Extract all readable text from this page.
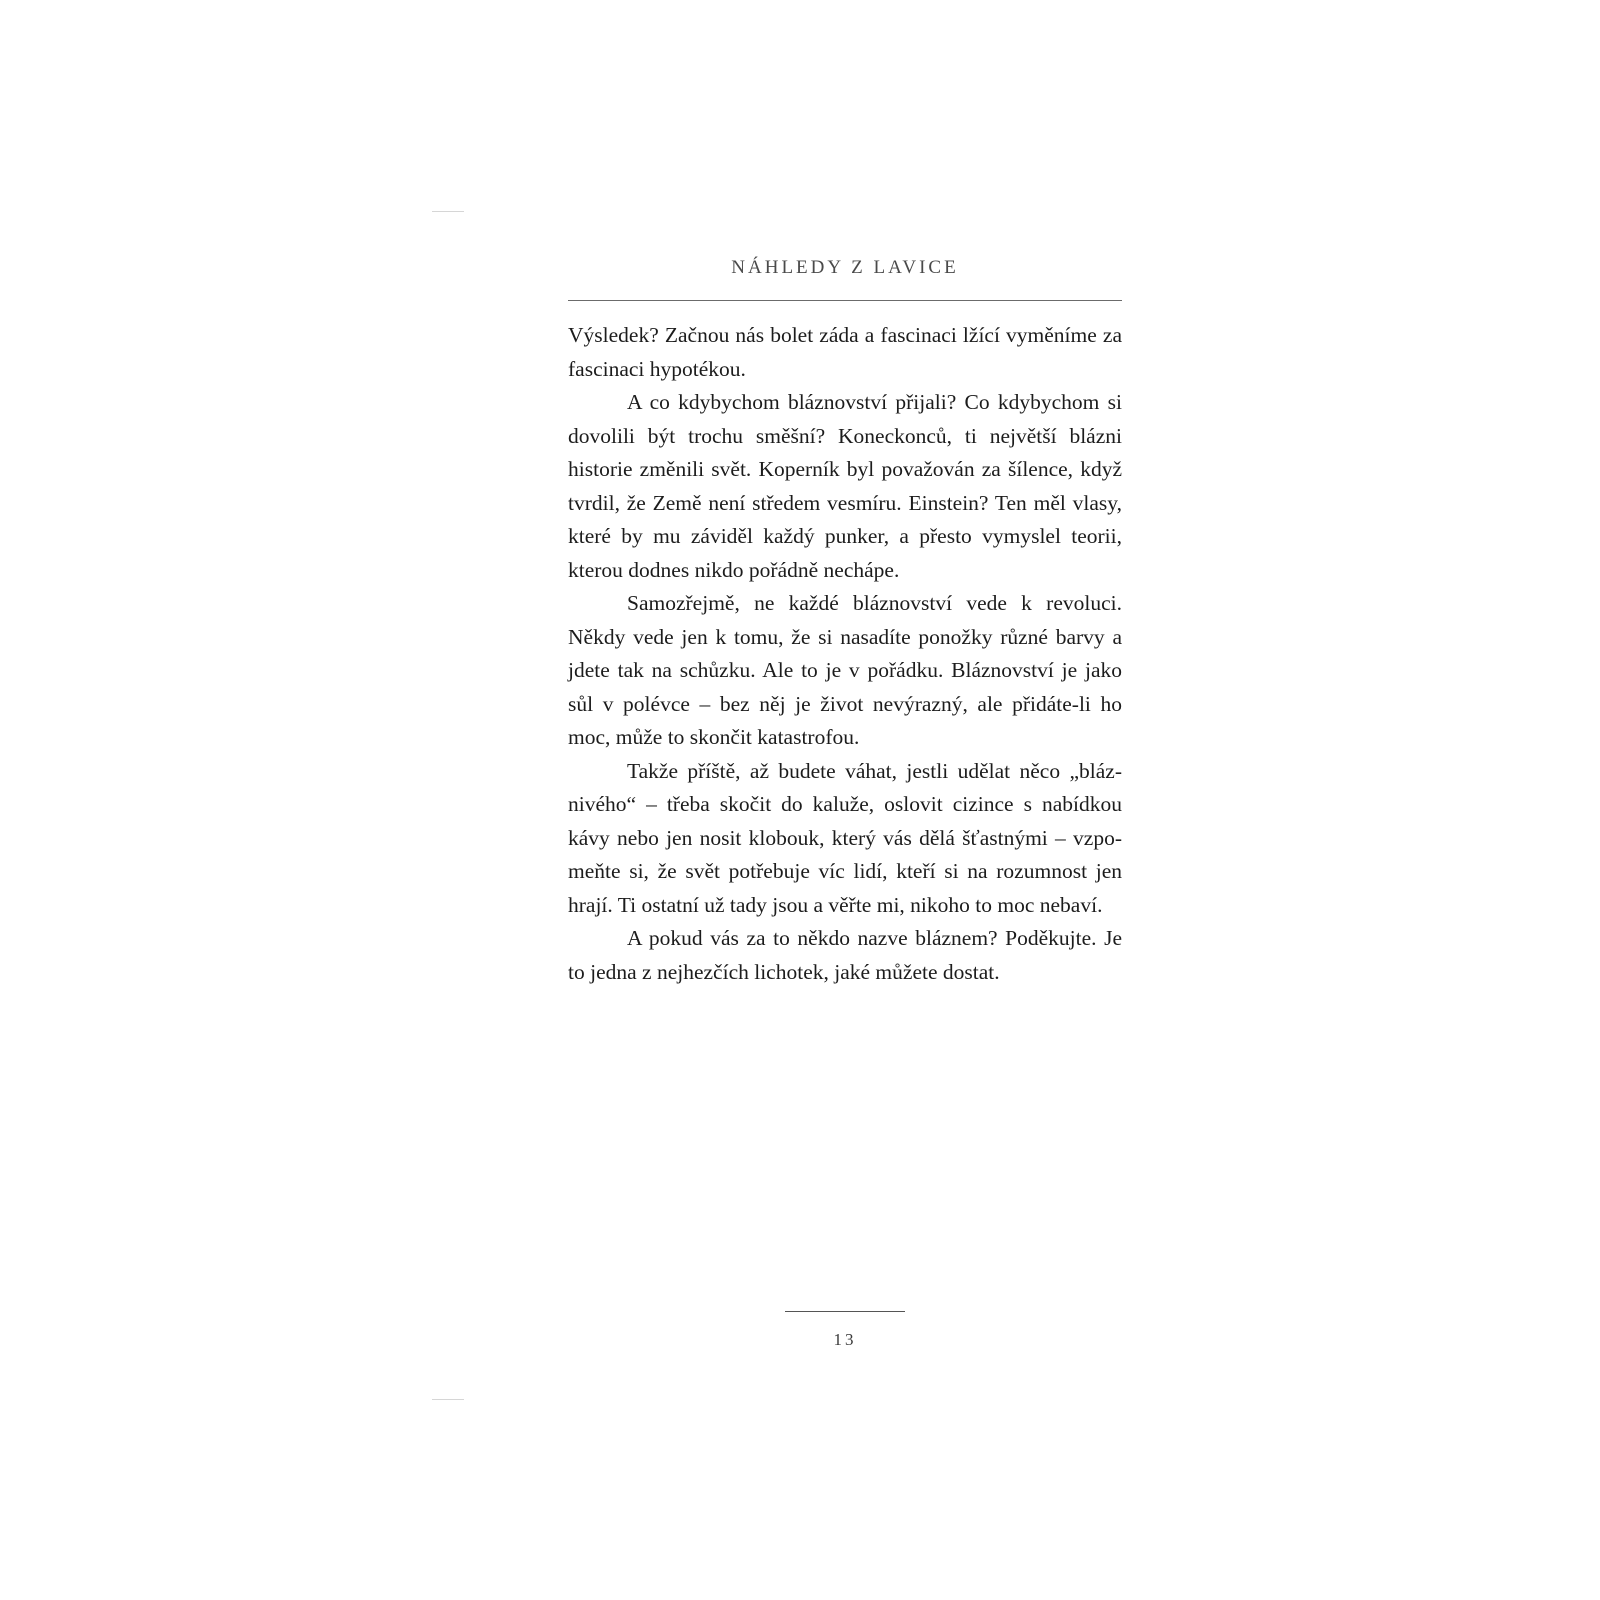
NÁHLEDY Z LAVICE

Výsledek? Začnou nás bolet záda a fascinaci lžící vyměníme za fascinaci hypotékou.

A co kdybychom bláznovství přijali? Co kdybychom si dovolili být trochu směšní? Koneckonců, ti největší blázni historie změnili svět. Koperník byl považován za šílence, když tvrdil, že Země není středem vesmíru. Einstein? Ten měl vlasy, které by mu záviděl každý punker, a přesto vymyslel teorii, kterou dodnes nikdo pořádně nechápe.

Samozřejmě, ne každé bláznovství vede k revoluci. Někdy vede jen k tomu, že si nasadíte ponožky různé barvy a jdete tak na schůzku. Ale to je v pořádku. Bláznovství je jako sůl v polévce – bez něj je život nevýrazný, ale přidáte-li ho moc, může to skončit katastrofou.

Takže příště, až budete váhat, jestli udělat něco „bláznivého“ – třeba skočit do kaluže, oslovit cizince s nabídkou kávy nebo jen nosit klobouk, který vás dělá šťastnými – vzpomeňte si, že svět potřebuje víc lidí, kteří si na rozumnost jen hrají. Ti ostatní už tady jsou a věřte mi, nikoho to moc nebaví.

A pokud vás za to někdo nazve bláznem? Poděkujte. Je to jedna z nejhezčích lichotek, jaké můžete dostat.

13
